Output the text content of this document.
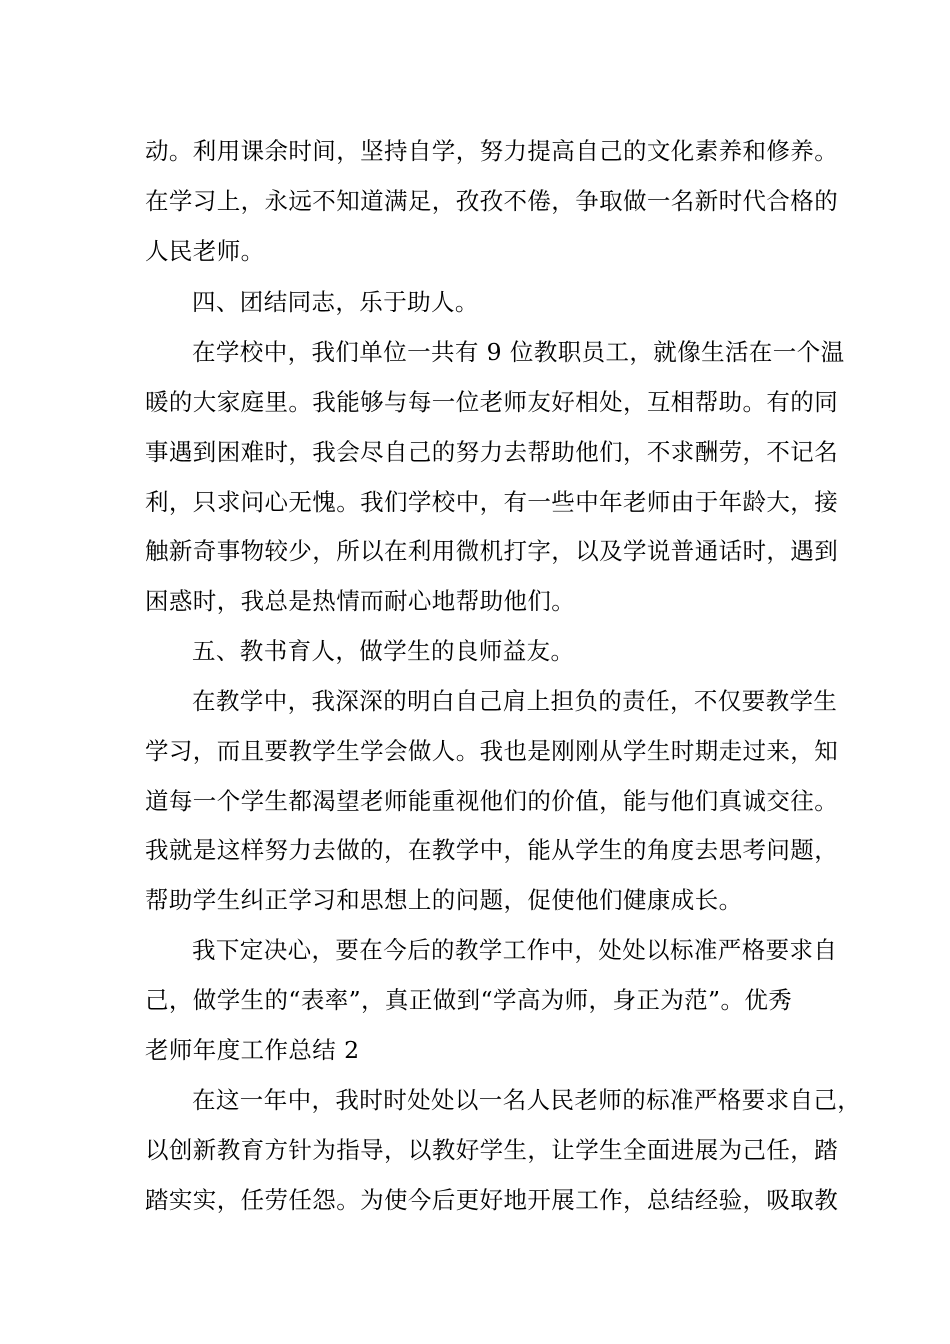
动。利用课余时间，坚持自学，努力提高自己的文化素养和修养。
在学习上，永远不知道满足，孜孜不倦，争取做一名新时代合格的
人民老师。
四、团结同志，乐于助人。
在学校中，我们单位一共有 9 位教职员工，就像生活在一个温
暖的大家庭里。我能够与每一位老师友好相处，互相帮助。有的同
事遇到困难时，我会尽自己的努力去帮助他们，不求酬劳，不记名
利，只求问心无愧。我们学校中，有一些中年老师由于年龄大，接
触新奇事物较少，所以在利用微机打字，以及学说普通话时，遇到
困惑时，我总是热情而耐心地帮助他们。
五、教书育人，做学生的良师益友。
在教学中，我深深的明白自己肩上担负的责任，不仅要教学生
学习，而且要教学生学会做人。我也是刚刚从学生时期走过来，知
道每一个学生都渴望老师能重视他们的价值，能与他们真诚交往。
我就是这样努力去做的，在教学中，能从学生的角度去思考问题，
帮助学生纠正学习和思想上的问题，促使他们健康成长。
我下定决心，要在今后的教学工作中，处处以标准严格要求自
己，做学生的“表率”，真正做到“学高为师，身正为范”。优秀
老师年度工作总结 2
在这一年中，我时时处处以一名人民老师的标准严格要求自己，
以创新教育方针为指导，以教好学生，让学生全面进展为己任，踏
踏实实，任劳任怨。为使今后更好地开展工作，总结经验，吸取教
